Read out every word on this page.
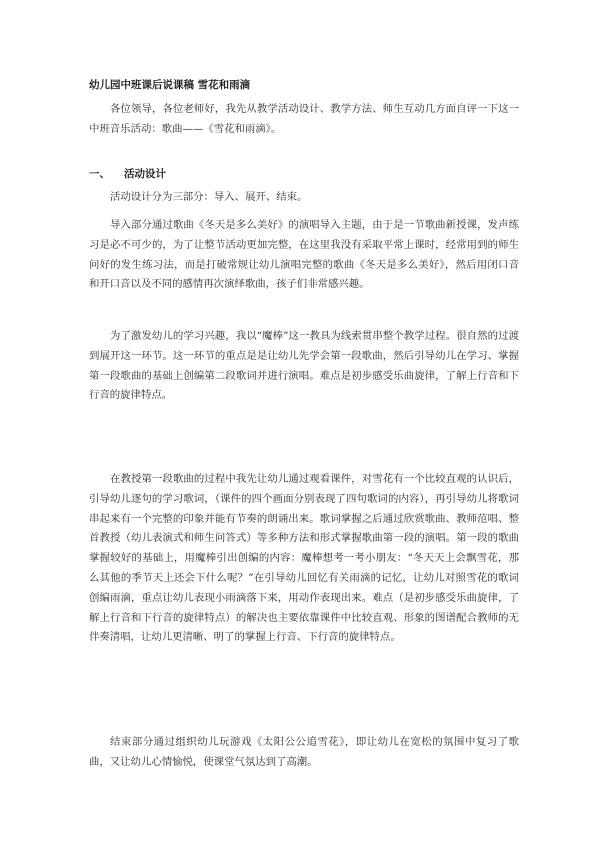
幼儿园中班课后说课稿 雪花和雨滴

各位领导，各位老师好，我先从教学活动设计、教学方法、师生互动几方面自评一下这一中班音乐活动：歌曲——《雪花和雨滴》。

一、 活动设计

活动设计分为三部分：导入、展开、结束。

导入部分通过歌曲《冬天是多么美好》的演唱导入主题，由于是一节歌曲新授课，发声练习是必不可少的，为了让整节活动更加完整，在这里我没有采取平常上课时，经常用到的师生问好的发生练习法，而是打破常规让幼儿演唱完整的歌曲《冬天是多么美好》，然后用闭口音和开口音以及不同的感情再次演绎歌曲，孩子们非常感兴趣。

为了激发幼儿的学习兴趣，我以“魔棒”这一教具为线索贯串整个教学过程。很自然的过渡到展开这一环节。这一环节的重点是是让幼儿先学会第一段歌曲，然后引导幼儿在学习、掌握第一段歌曲的基础上创编第二段歌词并进行演唱。难点是初步感受乐曲旋律，了解上行音和下行音的旋律特点。

在教授第一段歌曲的过程中我先让幼儿通过观看课件，对雪花有一个比较直观的认识后，引导幼儿逐句的学习歌词，（课件的四个画面分别表现了四句歌词的内容），再引导幼儿将歌词串起来有一个完整的印象并能有节奏的朗诵出来。歌词掌握之后通过欣赏歌曲、教师范唱、整首教授（幼儿表演式和师生问答式）等多种方法和形式掌握歌曲第一段的演唱。第一段的歌曲掌握较好的基础上，用魔棒引出创编的内容：魔棒想考一考小朋友：“冬天天上会飘雪花，那么其他的季节天上还会下什么呢？”在引导幼儿回忆有关雨滴的记忆，让幼儿对照雪花的歌词创编雨滴，重点让幼儿表现小雨滴落下来，用动作表现出来。难点（是初步感受乐曲旋律，了解上行音和下行音的旋律特点）的解决也主要依靠课件中比较直观、形象的图谱配合教师的无伴奏清唱，让幼儿更清晰、明了的掌握上行音、下行音的旋律特点。

结束部分通过组织幼儿玩游戏《太阳公公追雪花》，即让幼儿在宽松的氛围中复习了歌曲，又让幼儿心情愉悦，使课堂气氛达到了高潮。
